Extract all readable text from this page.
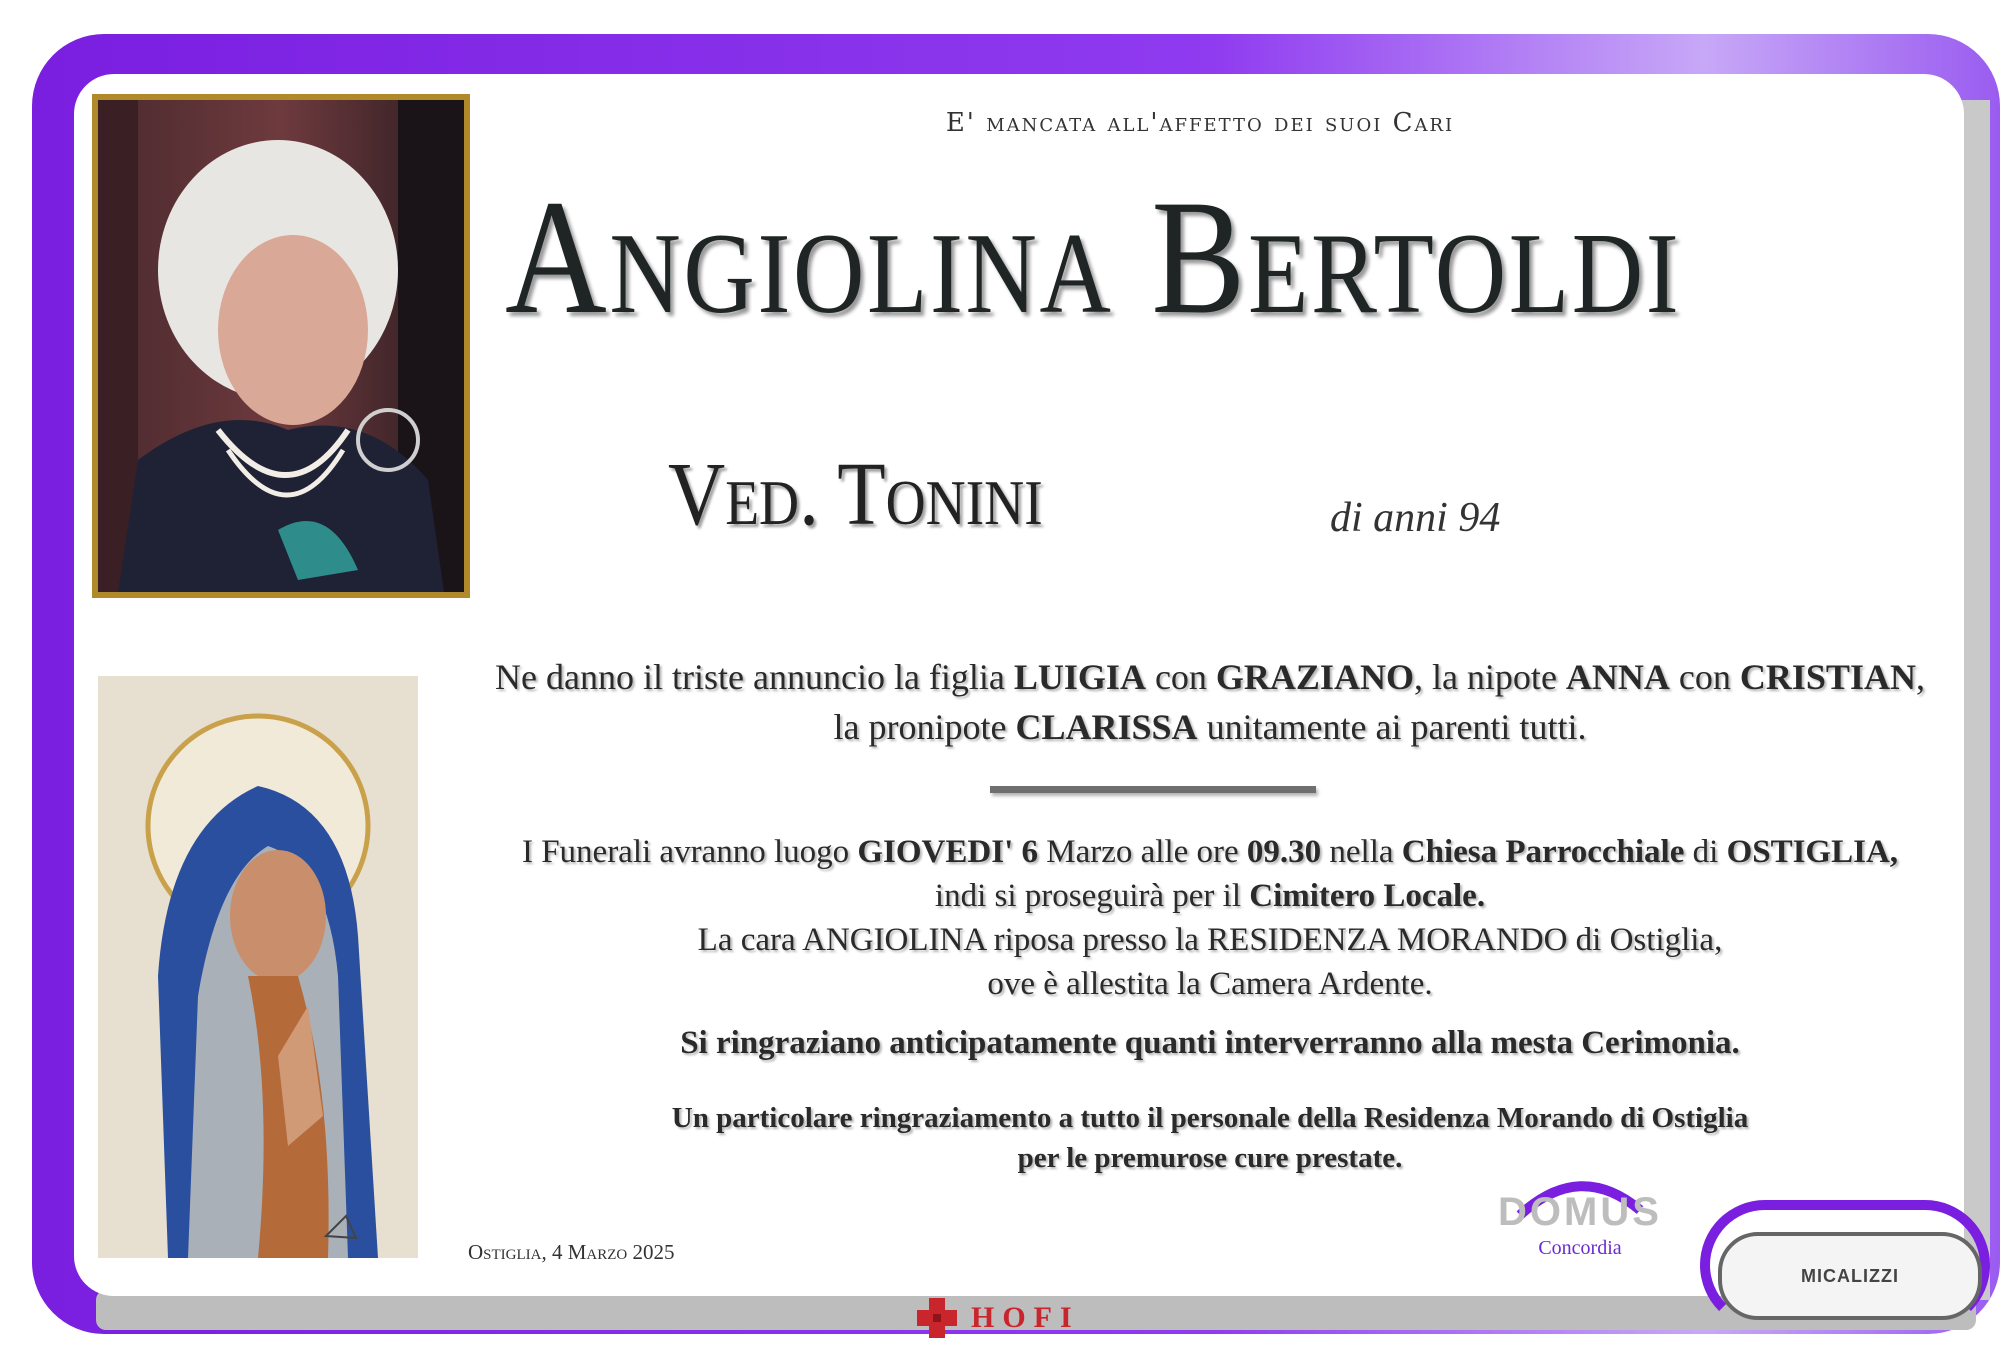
E' mancata all'affetto dei suoi Cari
Angiolina Bertoldi
Ved. Tonini	di anni 94
Ne danno il triste annuncio la figlia LUIGIA con GRAZIANO, la nipote ANNA con CRISTIAN,
la pronipote CLARISSA unitamente ai parenti tutti.
I Funerali avranno luogo GIOVEDI' 6 Marzo alle ore 09.30 nella Chiesa Parrocchiale di OSTIGLIA,
indi si proseguirà per il Cimitero Locale.
La cara ANGIOLINA riposa presso la RESIDENZA MORANDO di Ostiglia,
ove è allestita la Camera Ardente.
Si ringraziano anticipatamente quanti interverranno alla mesta Cerimonia.
Un particolare ringraziamento a tutto il personale della Residenza Morando di Ostiglia
per le premurose cure prestate.
Ostiglia, 4 Marzo 2025
HOFI
DOMUS
Concordia
MICALIZZI
